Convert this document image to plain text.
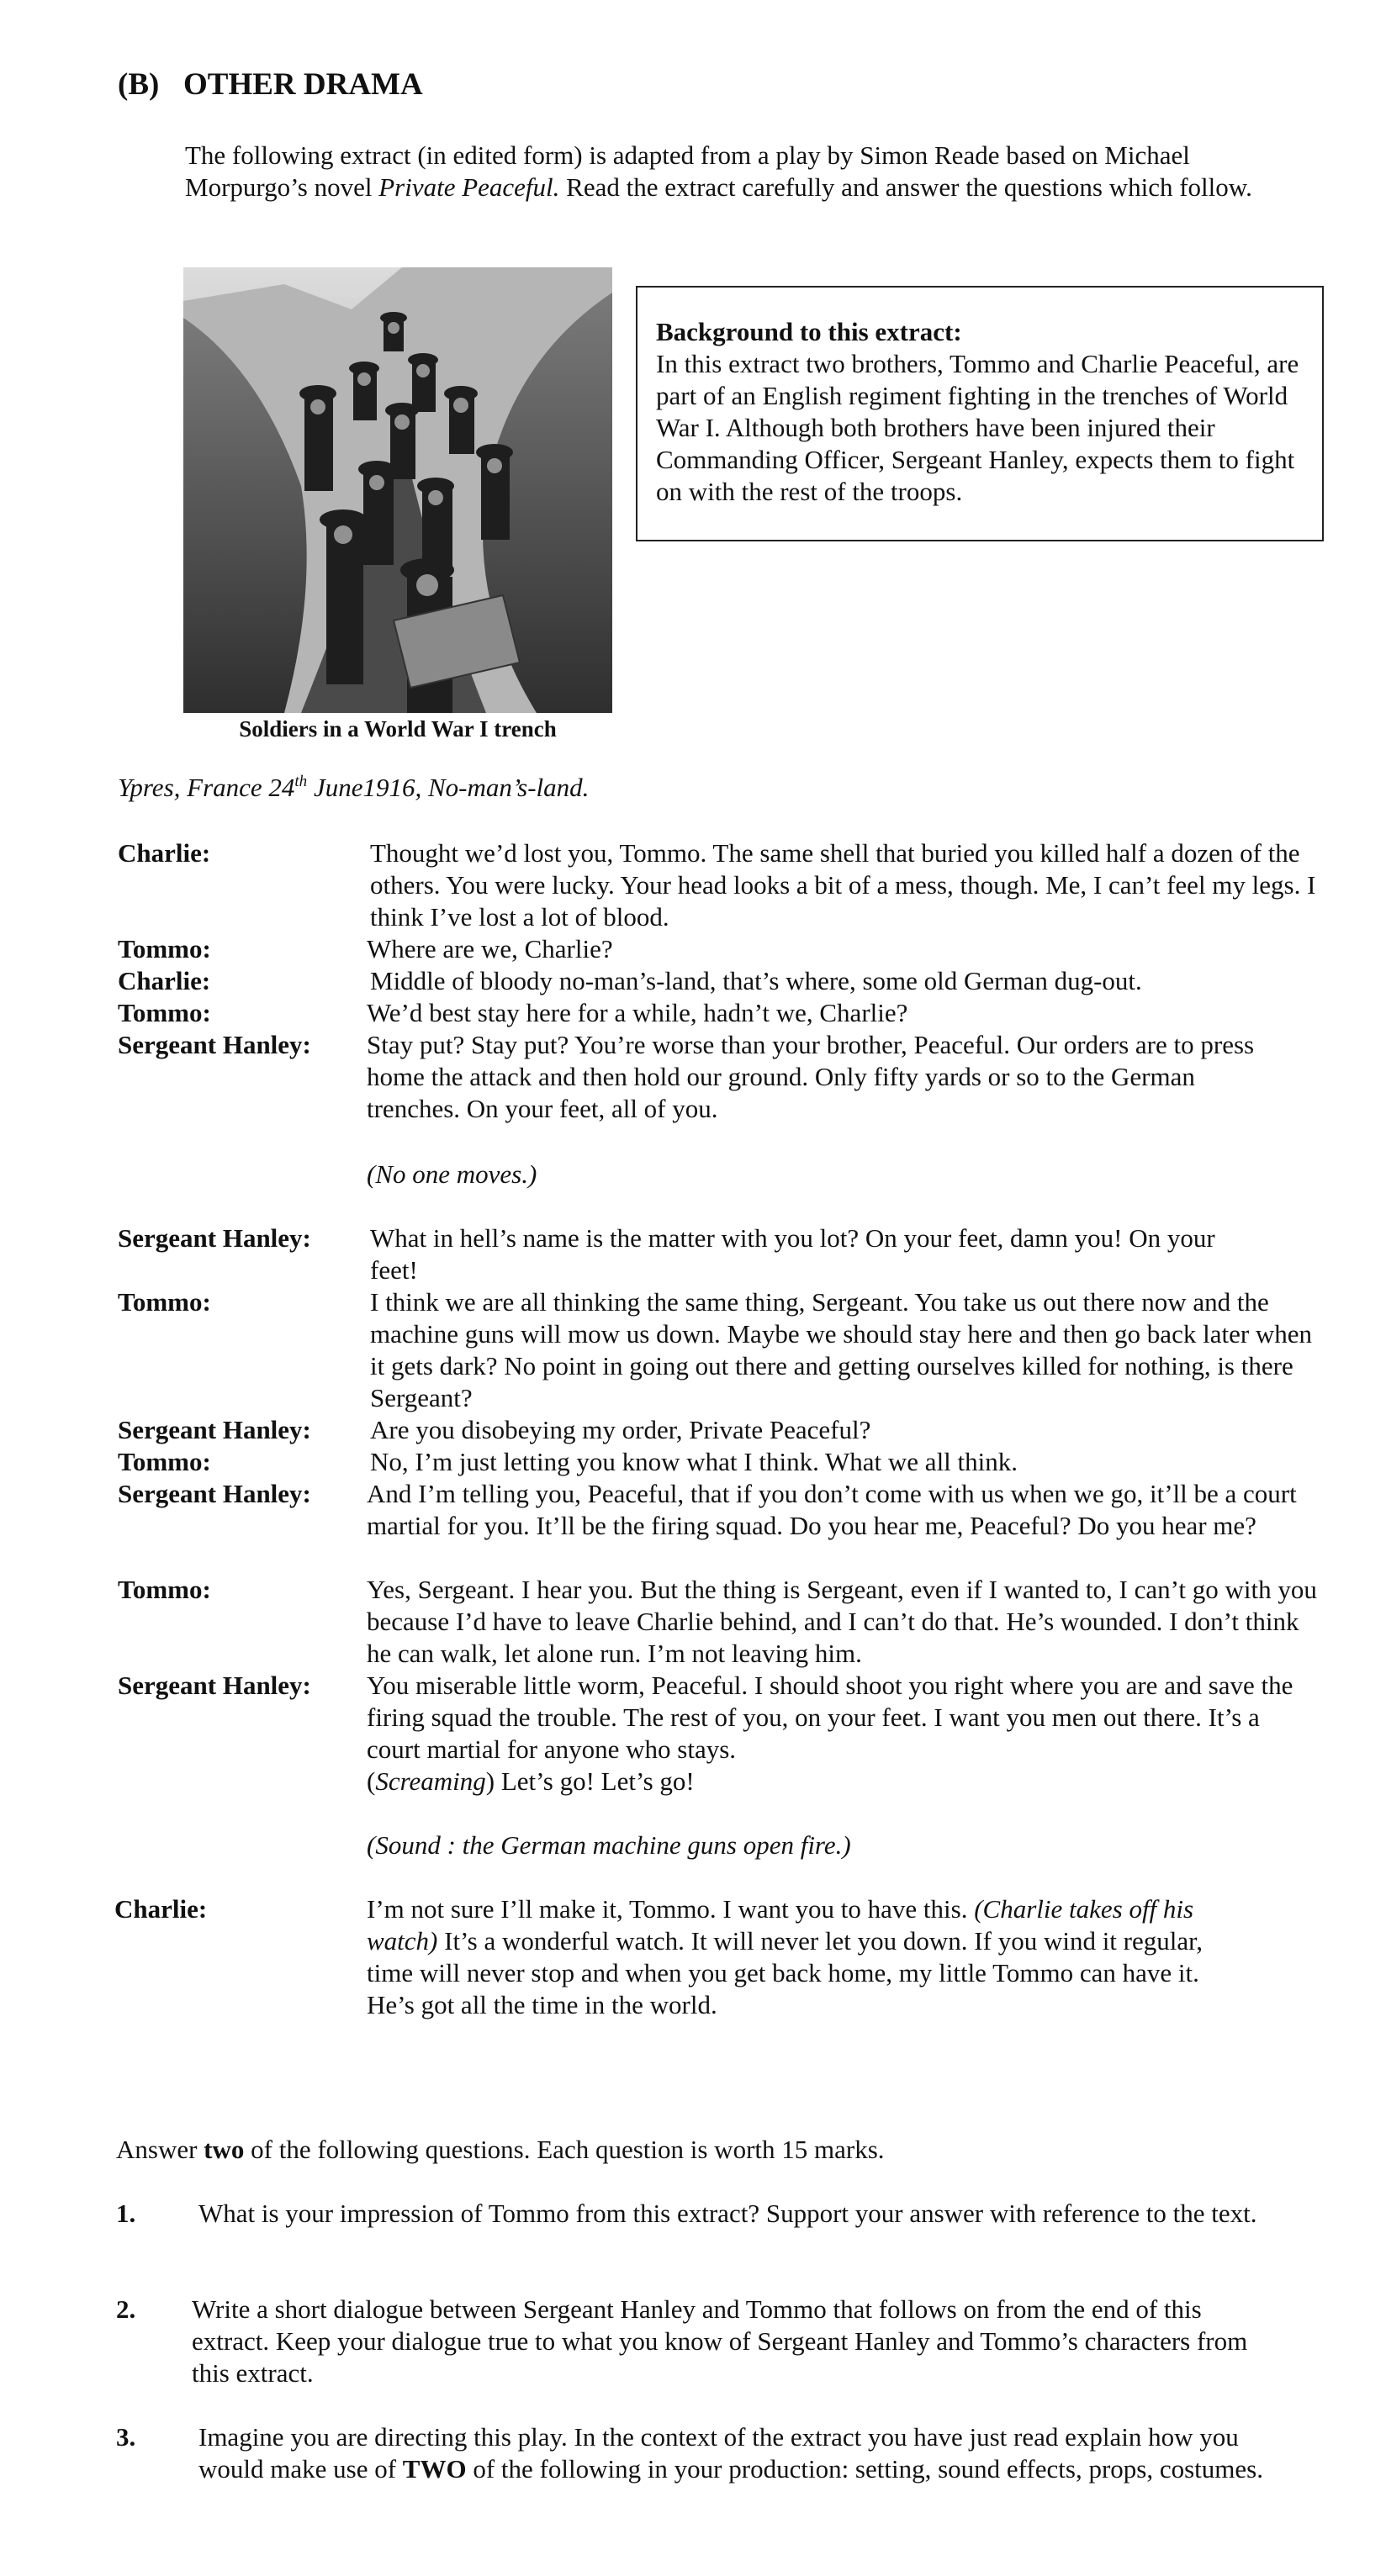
(B) OTHER DRAMA
The following extract (in edited form) is adapted from a play by Simon Reade based on Michael Morpurgo’s novel Private Peaceful. Read the extract carefully and answer the questions which follow.
Soldiers in a World War I trench
Background to this extract:
In this extract two brothers, Tommo and Charlie Peaceful, are part of an English regiment fighting in the trenches of World War I. Although both brothers have been injured their Commanding Officer, Sergeant Hanley, expects them to fight on with the rest of the troops.
Ypres, France 24th June1916, No-man’s-land.
Charlie:	Thought we’d lost you, Tommo. The same shell that buried you killed half a dozen of the others. You were lucky. Your head looks a bit of a mess, though. Me, I can’t feel my legs. I think I’ve lost a lot of blood.
Tommo:	Where are we, Charlie?
Charlie:	Middle of bloody no-man’s-land, that’s where, some old German dug-out.
Tommo:	We’d best stay here for a while, hadn’t we, Charlie?
Sergeant Hanley: Stay put? Stay put? You’re worse than your brother, Peaceful. Our orders are to press home the attack and then hold our ground. Only fifty yards or so to the German trenches. On your feet, all of you.
(No one moves.)
Sergeant Hanley: What in hell’s name is the matter with you lot? On your feet, damn you! On your feet!
Tommo:	I think we are all thinking the same thing, Sergeant. You take us out there now and the machine guns will mow us down. Maybe we should stay here and then go back later when it gets dark? No point in going out there and getting ourselves killed for nothing, is there Sergeant?
Sergeant Hanley: Are you disobeying my order, Private Peaceful?
Tommo:	No, I’m just letting you know what I think. What we all think.
Sergeant Hanley: And I’m telling you, Peaceful, that if you don’t come with us when we go, it’ll be a court martial for you. It’ll be the firing squad. Do you hear me, Peaceful? Do you hear me?
Tommo:	Yes, Sergeant. I hear you. But the thing is Sergeant, even if I wanted to, I can’t go with you because I’d have to leave Charlie behind, and I can’t do that. He’s wounded. I don’t think he can walk, let alone run. I’m not leaving him.
Sergeant Hanley: You miserable little worm, Peaceful. I should shoot you right where you are and save the firing squad the trouble. The rest of you, on your feet. I want you men out there. It’s a court martial for anyone who stays.
(Screaming) Let’s go! Let’s go!
(Sound : the German machine guns open fire.)
Charlie:	I’m not sure I’ll make it, Tommo. I want you to have this. (Charlie takes off his watch) It’s a wonderful watch. It will never let you down. If you wind it regular, time will never stop and when you get back home, my little Tommo can have it. He’s got all the time in the world.
Answer two of the following questions. Each question is worth 15 marks.
1. What is your impression of Tommo from this extract? Support your answer with reference to the text.
2. Write a short dialogue between Sergeant Hanley and Tommo that follows on from the end of this extract. Keep your dialogue true to what you know of Sergeant Hanley and Tommo’s characters from this extract.
3. Imagine you are directing this play. In the context of the extract you have just read explain how you would make use of TWO of the following in your production: setting, sound effects, props, costumes.
